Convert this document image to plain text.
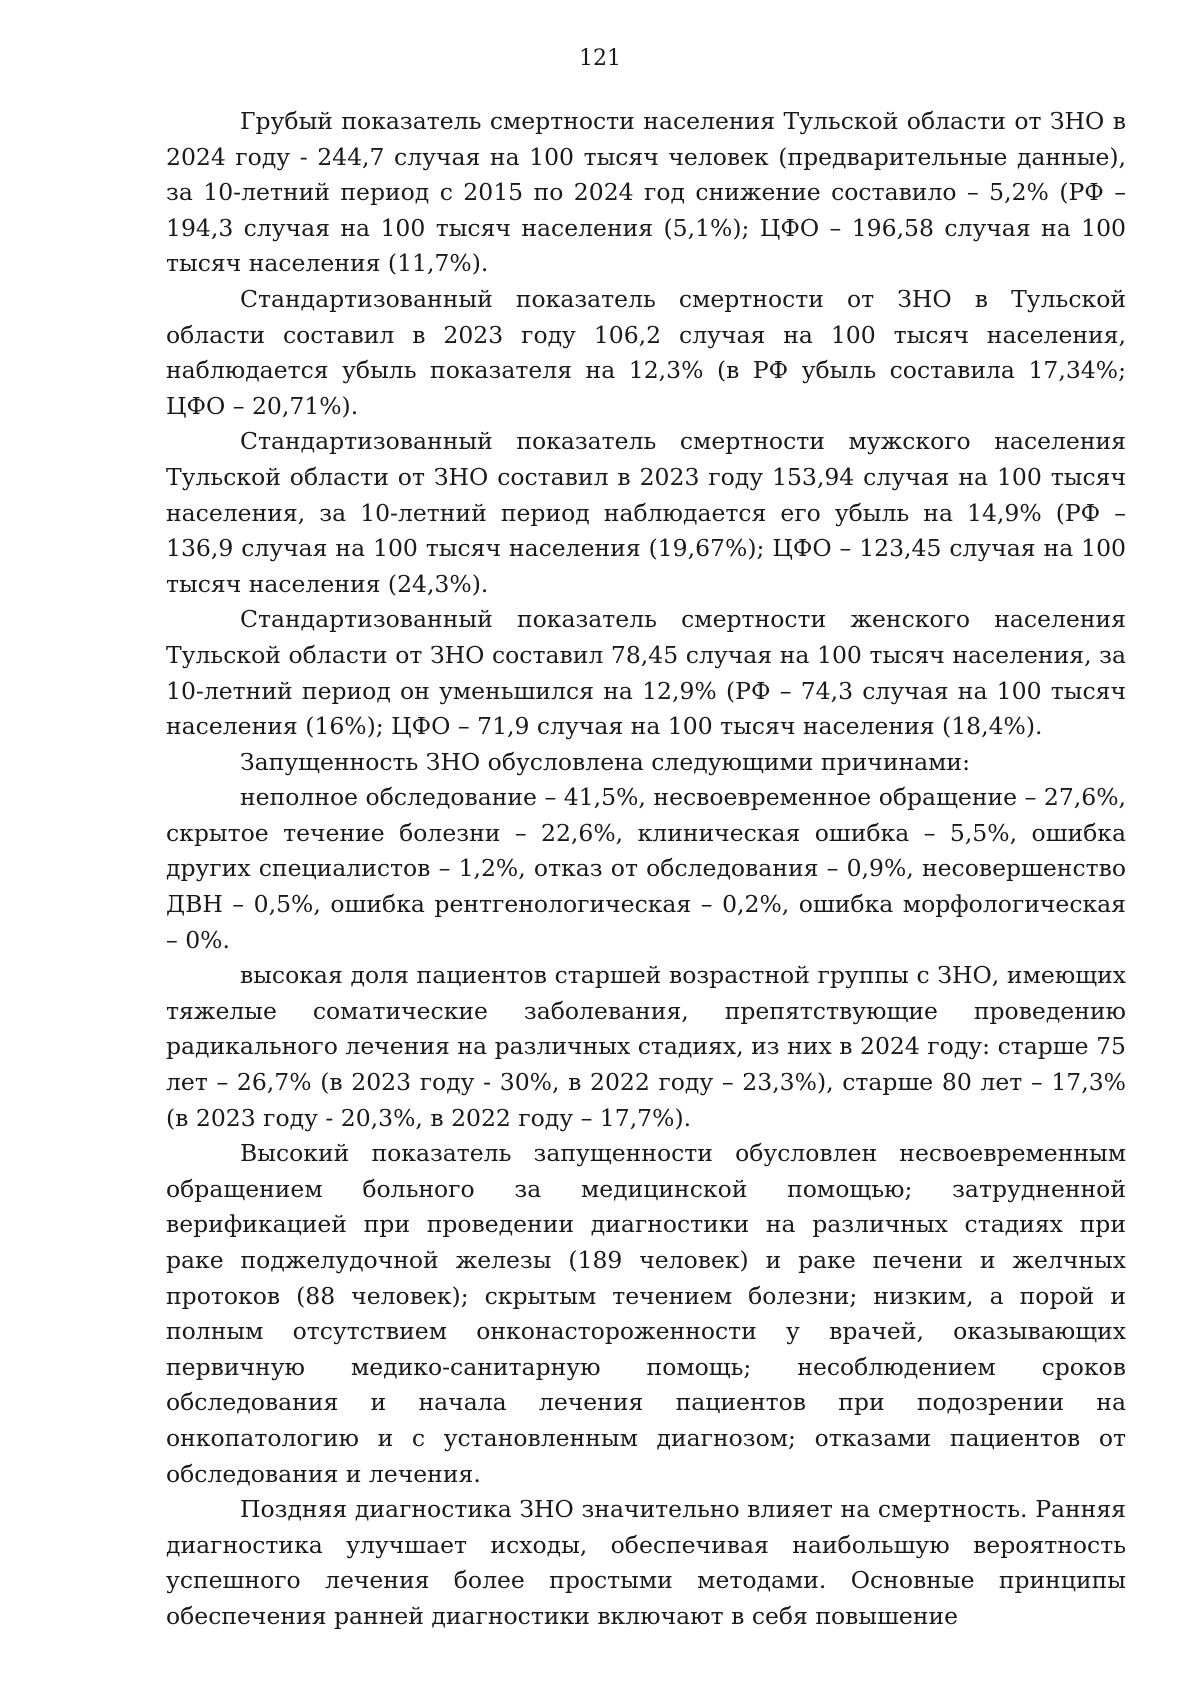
121

Грубый показатель смертности населения Тульской области от ЗНО в 2024 году - 244,7 случая на 100 тысяч человек (предварительные данные), за 10-летний период с 2015 по 2024 год снижение составило – 5,2% (РФ – 194,3 случая на 100 тысяч населения (5,1%); ЦФО – 196,58 случая на 100 тысяч населения (11,7%).

Стандартизованный показатель смертности от ЗНО в Тульской области составил в 2023 году 106,2 случая на 100 тысяч населения, наблюдается убыль показателя на 12,3% (в РФ убыль составила 17,34%; ЦФО – 20,71%).

Стандартизованный показатель смертности мужского населения Тульской области от ЗНО составил в 2023 году 153,94 случая на 100 тысяч населения, за 10-летний период наблюдается его убыль на 14,9% (РФ – 136,9 случая на 100 тысяч населения (19,67%); ЦФО – 123,45 случая на 100 тысяч населения (24,3%).

Стандартизованный показатель смертности женского населения Тульской области от ЗНО составил 78,45 случая на 100 тысяч населения, за 10-летний период он уменьшился на 12,9% (РФ – 74,3 случая на 100 тысяч населения (16%); ЦФО – 71,9 случая на 100 тысяч населения (18,4%).

Запущенность ЗНО обусловлена следующими причинами:

неполное обследование – 41,5%, несвоевременное обращение – 27,6%, скрытое течение болезни – 22,6%, клиническая ошибка – 5,5%, ошибка других специалистов – 1,2%, отказ от обследования – 0,9%, несовершенство ДВН – 0,5%, ошибка рентгенологическая – 0,2%, ошибка морфологическая – 0%.

высокая доля пациентов старшей возрастной группы с ЗНО, имеющих тяжелые соматические заболевания, препятствующие проведению радикального лечения на различных стадиях, из них в 2024 году: старше 75 лет – 26,7% (в 2023 году - 30%, в 2022 году – 23,3%), старше 80 лет – 17,3% (в 2023 году - 20,3%, в 2022 году – 17,7%).

Высокий показатель запущенности обусловлен несвоевременным обращением больного за медицинской помощью; затрудненной верификацией при проведении диагностики на различных стадиях при раке поджелудочной железы (189 человек) и раке печени и желчных протоков (88 человек); скрытым течением болезни; низким, а порой и полным отсутствием онконастороженности у врачей, оказывающих первичную медико-санитарную помощь; несоблюдением сроков обследования и начала лечения пациентов при подозрении на онкопатологию и с установленным диагнозом; отказами пациентов от обследования и лечения.

Поздняя диагностика ЗНО значительно влияет на смертность. Ранняя диагностика улучшает исходы, обеспечивая наибольшую вероятность успешного лечения более простыми методами. Основные принципы обеспечения ранней диагностики включают в себя повышение
